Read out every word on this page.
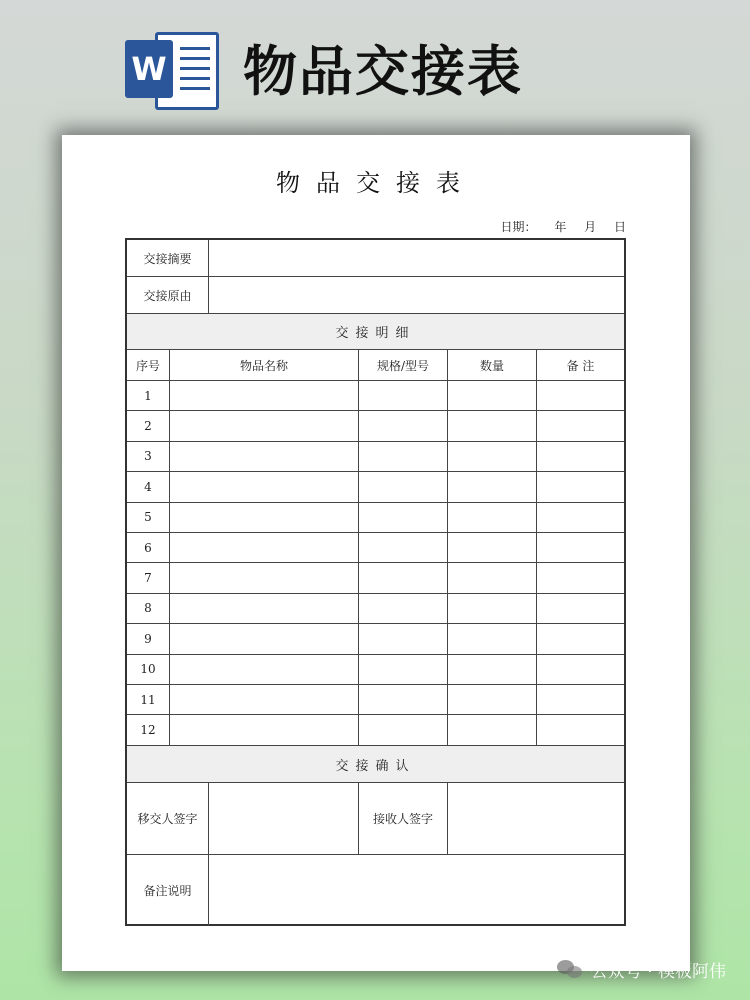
W 物品交接表
物品交接表
日期： 年 月 日
交接摘要
交接原由
交接明细
序号	物品名称	规格/型号	数量	备 注
1
2
3
4
5
6
7
8
9
10
11
12
交接确认
移交人签字	接收人签字
备注说明
公众号 · 模板阿伟
